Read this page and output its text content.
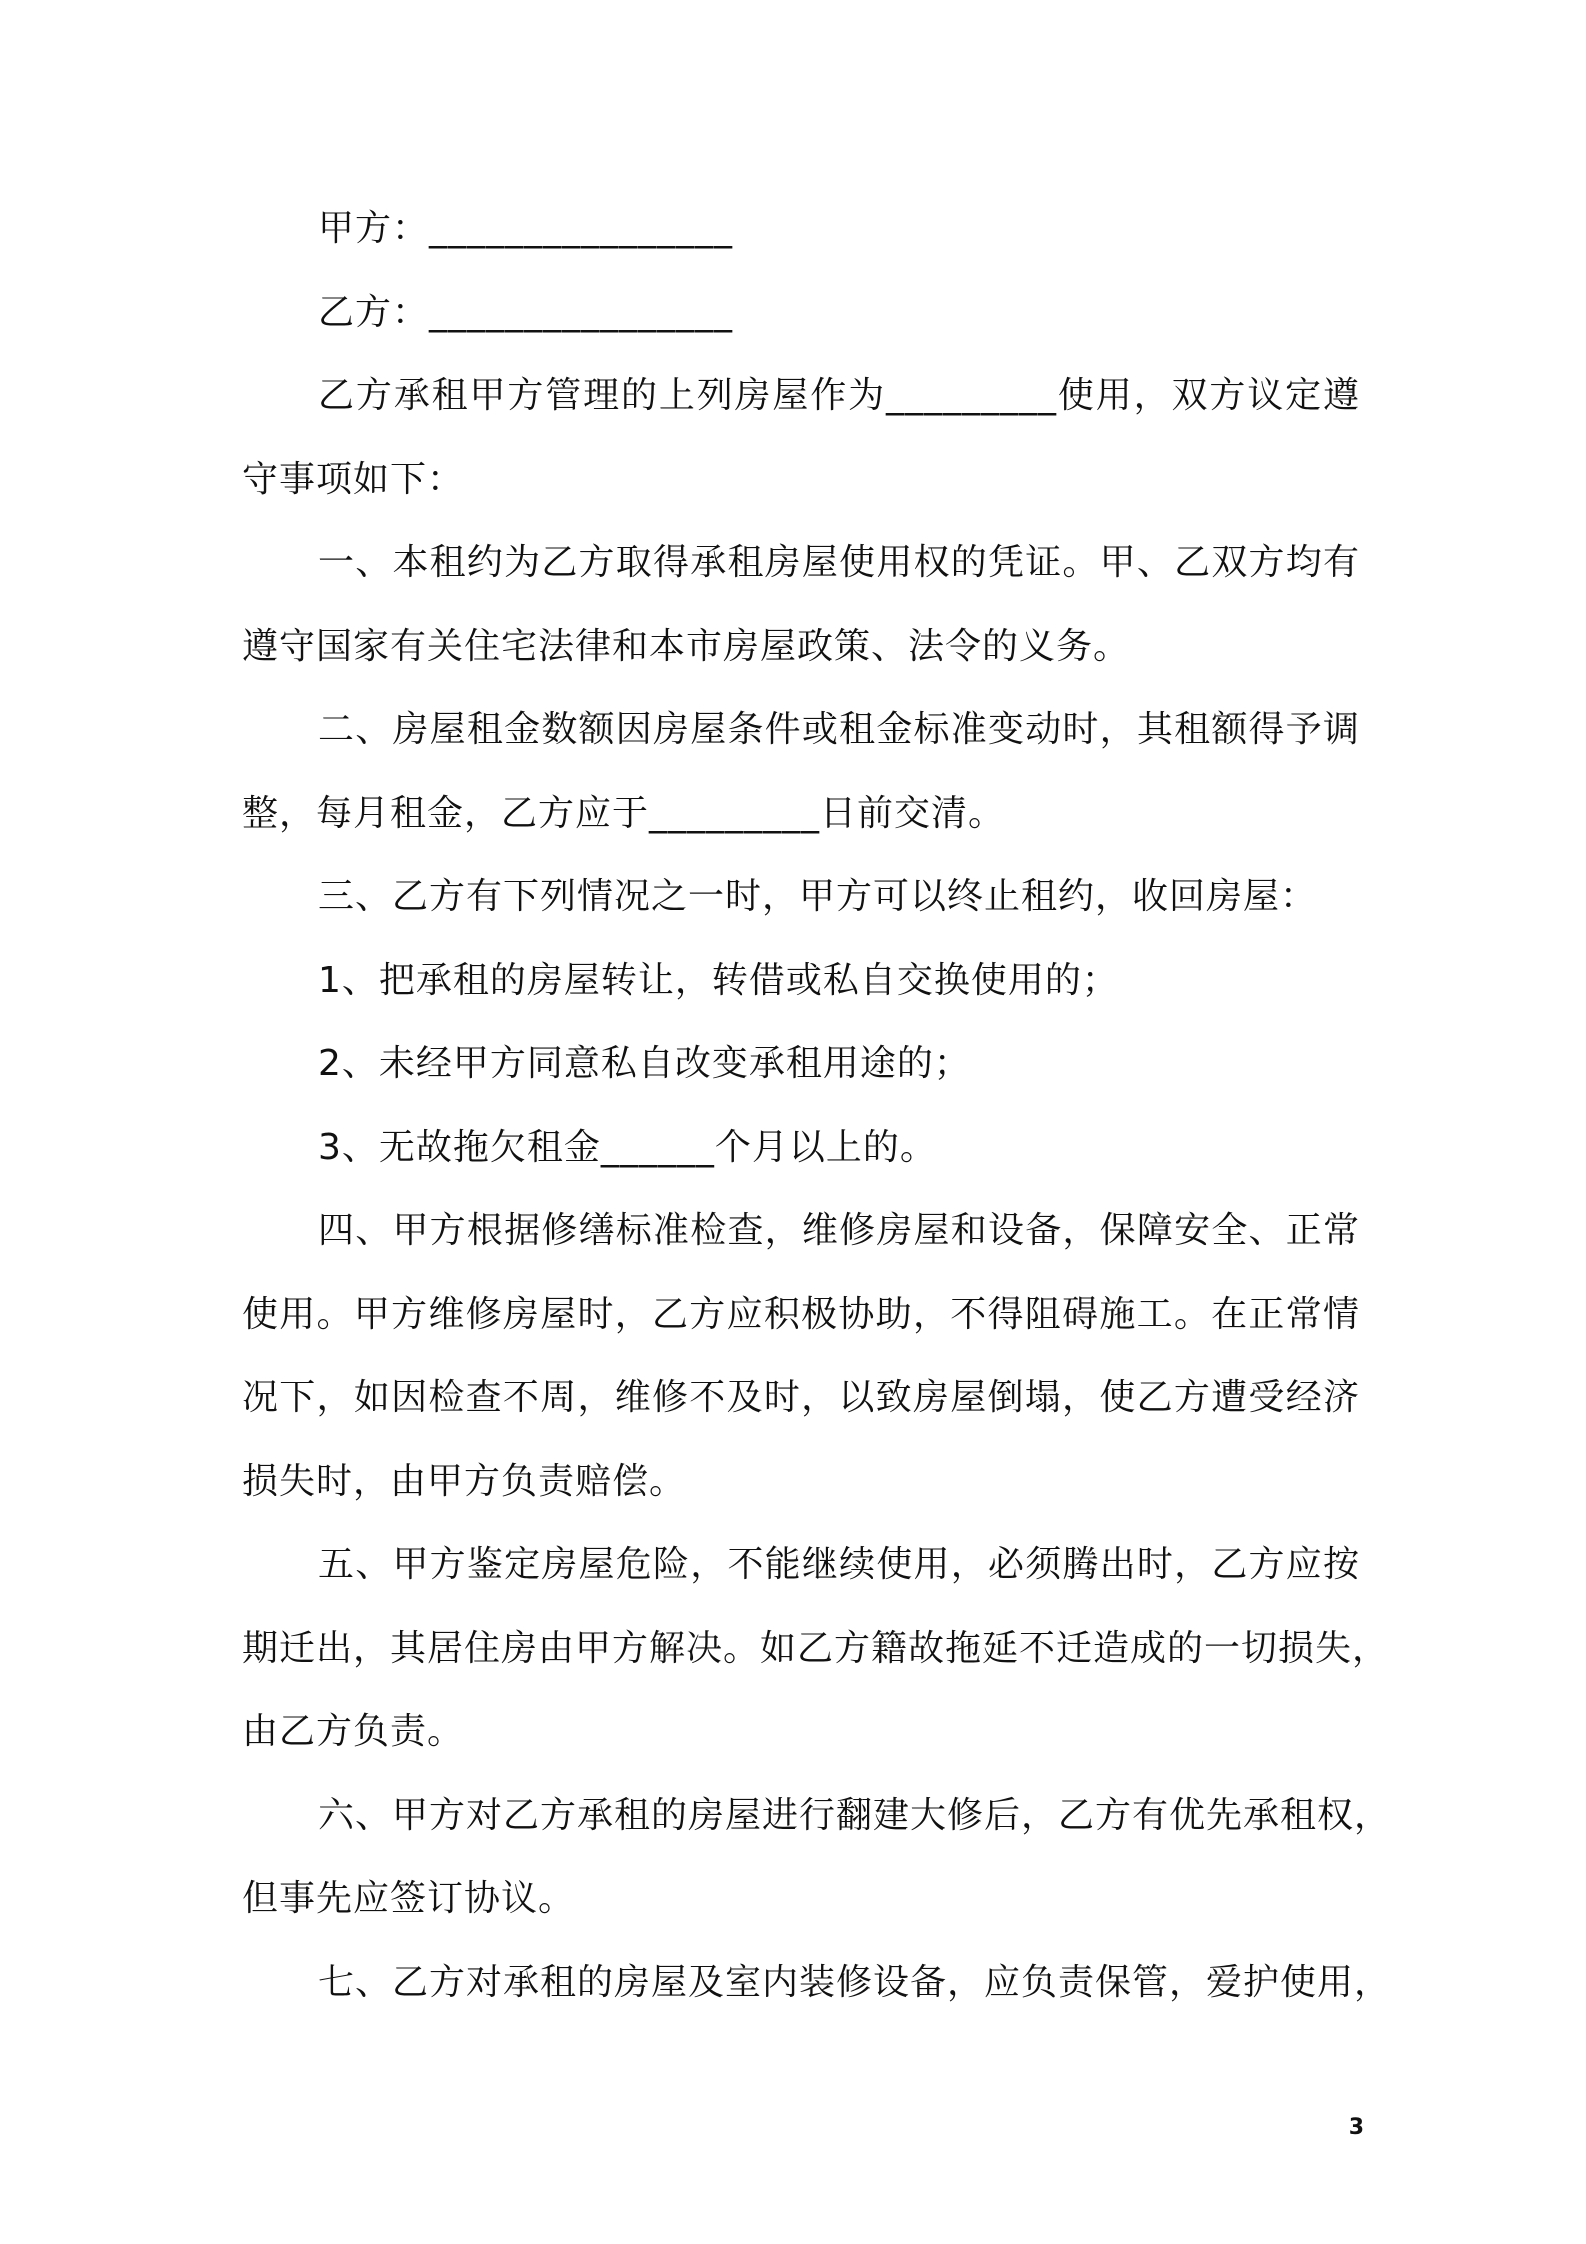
甲方：________________
乙方：________________
乙方承租甲方管理的上列房屋作为_________使用，双方议定遵
守事项如下：
一、本租约为乙方取得承租房屋使用权的凭证。甲、乙双方均有
遵守国家有关住宅法律和本市房屋政策、法令的义务。
二、房屋租金数额因房屋条件或租金标准变动时，其租额得予调
整，每月租金，乙方应于_________日前交清。
三、乙方有下列情况之一时，甲方可以终止租约，收回房屋：
1、把承租的房屋转让，转借或私自交换使用的；
2、未经甲方同意私自改变承租用途的；
3、无故拖欠租金______个月以上的。
四、甲方根据修缮标准检查，维修房屋和设备，保障安全、正常
使用。甲方维修房屋时，乙方应积极协助，不得阻碍施工。在正常情
况下，如因检查不周，维修不及时，以致房屋倒塌，使乙方遭受经济
损失时，由甲方负责赔偿。
五、甲方鉴定房屋危险，不能继续使用，必须腾出时，乙方应按
期迁出，其居住房由甲方解决。如乙方籍故拖延不迁造成的一切损失，
由乙方负责。
六、甲方对乙方承租的房屋进行翻建大修后，乙方有优先承租权，
但事先应签订协议。
七、乙方对承租的房屋及室内装修设备，应负责保管，爱护使用，
3
